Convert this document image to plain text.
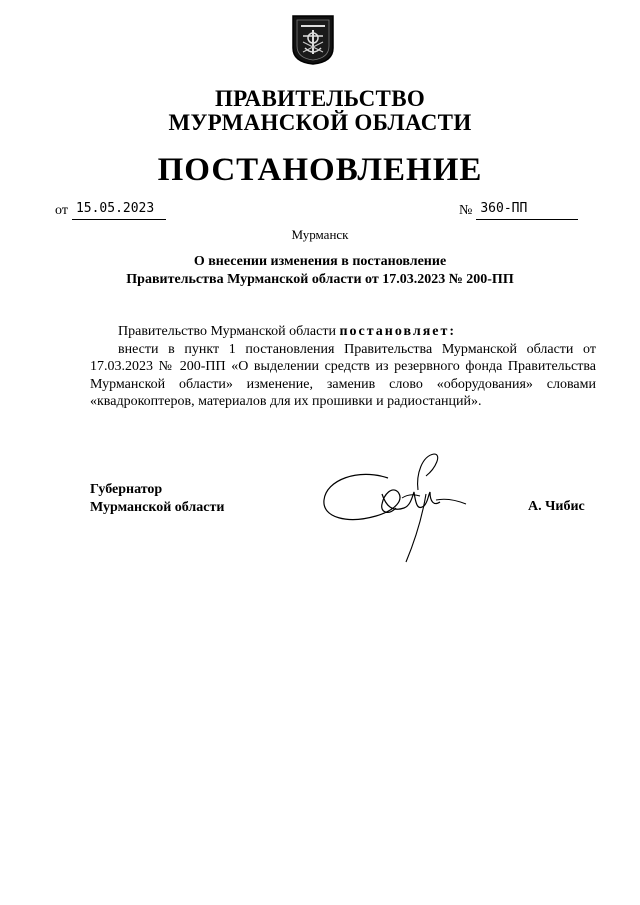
ПРАВИТЕЛЬСТВО
МУРМАНСКОЙ ОБЛАСТИ
ПОСТАНОВЛЕНИЕ
от 15.05.2023	№ 360-ПП
Мурманск
О внесении изменения в постановление
Правительства Мурманской области от 17.03.2023 № 200-ПП

Правительство Мурманской области постановляет:

внести в пункт 1 постановления Правительства Мурманской области от 17.03.2023 № 200-ПП «О выделении средств из резервного фонда Правительства Мурманской области» изменение, заменив слово «оборудования» словами «квадрокоптеров, материалов для их прошивки и радиостанций».

Губернатор
Мурманской области	А. Чибис
